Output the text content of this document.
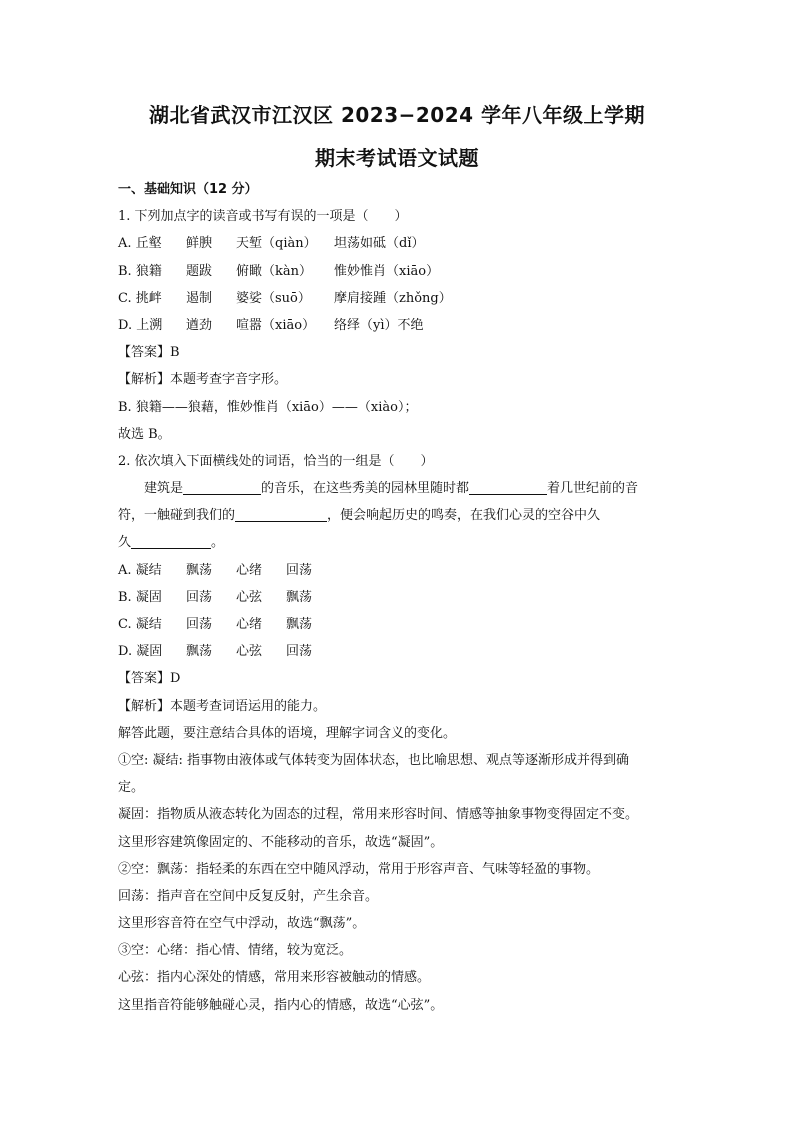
湖北省武汉市江汉区 2023−2024 学年八年级上学期
期末考试语文试题
一、基础知识（12 分）
1. 下列加点字的读音或书写有误的一项是（　　）
A. 丘壑 鲜腴 天堑（qiàn） 坦荡如砥（dǐ）
B. 狼籍 题跋 俯瞰（kàn） 惟妙惟肖（xiāo）
C. 挑衅 遏制 婆娑（suō） 摩肩接踵（zhǒng）
D. 上溯 遒劲 喧嚣（xiāo） 络绎（yì）不绝
【答案】B
【解析】本题考查字音字形。
B. 狼籍——狼藉，惟妙惟肖（xiāo）——（xiào）；
故选 B。
2. 依次填入下面横线处的词语，恰当的一组是（　　）
建筑是	的音乐，在这些秀美的园林里随时都	着几世纪前的音
符，一触碰到我们的	，便会响起历史的鸣奏，在我们心灵的空谷中久
久	。
A. 凝结 飘荡 心绪 回荡
B. 凝固 回荡 心弦 飘荡
C. 凝结 回荡 心绪 飘荡
D. 凝固 飘荡 心弦 回荡
【答案】D
【解析】本题考查词语运用的能力。
解答此题，要注意结合具体的语境，理解字词含义的变化。
①空: 凝结: 指事物由液体或气体转变为固体状态，也比喻思想、观点等逐渐形成并得到确
定。
凝固：指物质从液态转化为固态的过程，常用来形容时间、情感等抽象事物变得固定不变。
这里形容建筑像固定的、不能移动的音乐，故选“凝固”。
②空：飘荡：指轻柔的东西在空中随风浮动，常用于形容声音、气味等轻盈的事物。
回荡：指声音在空间中反复反射，产生余音。
这里形容音符在空气中浮动，故选“飘荡”。
③空：心绪：指心情、情绪，较为宽泛。
心弦：指内心深处的情感，常用来形容被触动的情感。
这里指音符能够触碰心灵，指内心的情感，故选“心弦”。
